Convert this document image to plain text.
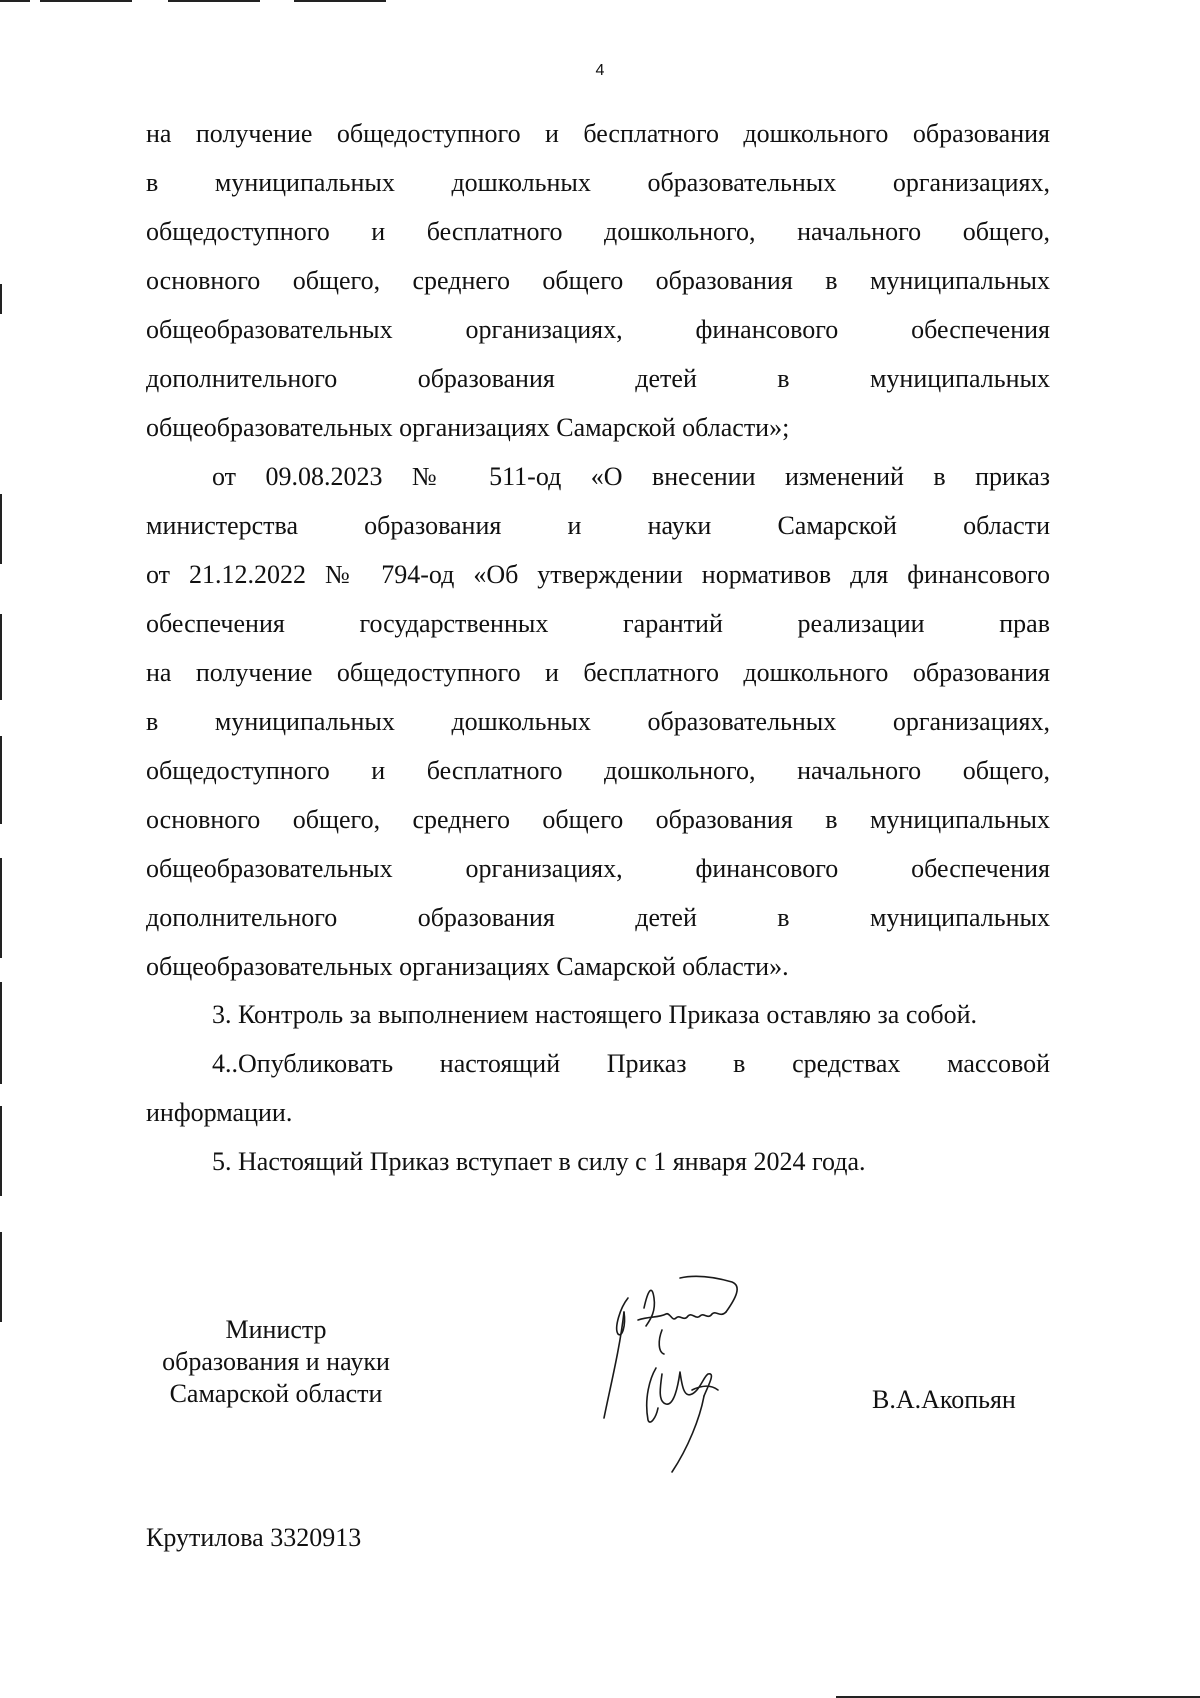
4
на получение общедоступного и бесплатного дошкольного образования
в муниципальных дошкольных образовательных организациях,
общедоступного и бесплатного дошкольного, начального общего,
основного общего, среднего общего образования в муниципальных
общеобразовательных организациях, финансового обеспечения
дополнительного образования детей в муниципальных
общеобразовательных организациях Самарской области»;
от 09.08.2023 № 511-од «О внесении изменений в приказ
министерства образования и науки Самарской области
от 21.12.2022 № 794-од «Об утверждении нормативов для финансового
обеспечения государственных гарантий реализации прав
на получение общедоступного и бесплатного дошкольного образования
в муниципальных дошкольных образовательных организациях,
общедоступного и бесплатного дошкольного, начального общего,
основного общего, среднего общего образования в муниципальных
общеобразовательных организациях, финансового обеспечения
дополнительного образования детей в муниципальных
общеобразовательных организациях Самарской области».
3. Контроль за выполнением настоящего Приказа оставляю за собой.
4..Опубликовать настоящий Приказ в средствах массовой
информации.
5. Настоящий Приказ вступает в силу с 1 января 2024 года.
Министр
образования и науки
Самарской области	В.А.Акопьян
Крутилова 3320913
